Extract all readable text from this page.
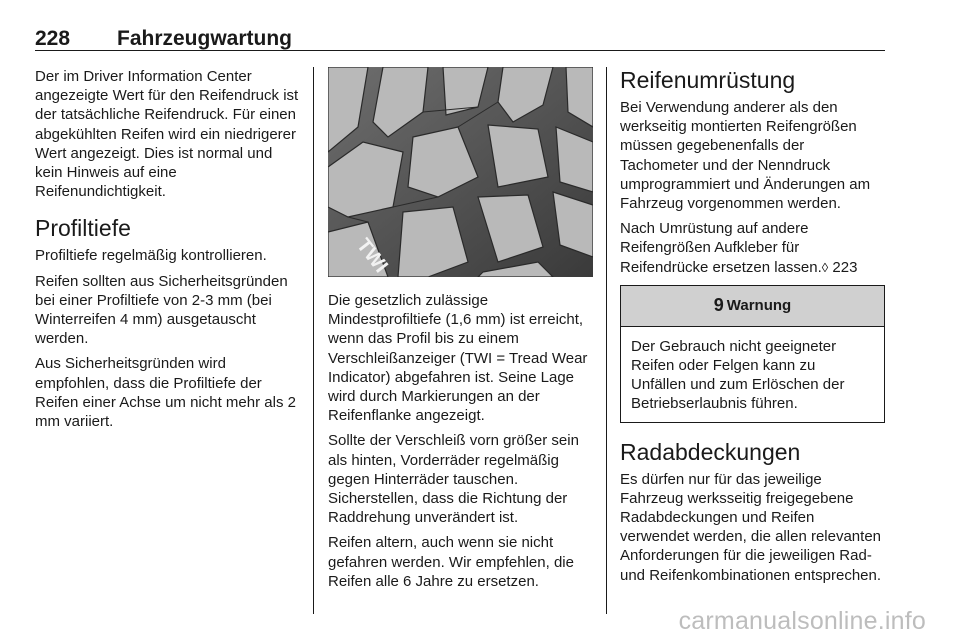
228 Fahrzeugwartung

Der im Driver Information Center angezeigte Wert für den Reifendruck ist der tatsächliche Reifendruck. Für einen abgekühlten Reifen wird ein niedrigerer Wert angezeigt. Dies ist normal und kein Hinweis auf eine Reifenundichtigkeit.

Profiltiefe

Profiltiefe regelmäßig kontrollieren.

Reifen sollten aus Sicherheitsgründen bei einer Profiltiefe von 2-3 mm (bei Winterreifen 4 mm) ausgetauscht werden.

Aus Sicherheitsgründen wird empfohlen, dass die Profiltiefe der Reifen einer Achse um nicht mehr als 2 mm variiert.

TWI

Die gesetzlich zulässige Mindestprofiltiefe (1,6 mm) ist erreicht, wenn das Profil bis zu einem Verschleißanzeiger (TWI = Tread Wear Indicator) abgefahren ist. Seine Lage wird durch Markierungen an der Reifenflanke angezeigt.

Sollte der Verschleiß vorn größer sein als hinten, Vorderräder regelmäßig gegen Hinterräder tauschen. Sicherstellen, dass die Richtung der Raddrehung unverändert ist.

Reifen altern, auch wenn sie nicht gefahren werden. Wir empfehlen, die Reifen alle 6 Jahre zu ersetzen.

Reifenumrüstung

Bei Verwendung anderer als den werkseitig montierten Reifengrößen müssen gegebenenfalls der Tachometer und der Nenndruck umprogrammiert und Änderungen am Fahrzeug vorgenommen werden.

Nach Umrüstung auf andere Reifengrößen Aufkleber für Reifendrücke ersetzen lassen.◊ 223

9 Warnung

Der Gebrauch nicht geeigneter Reifen oder Felgen kann zu Unfällen und zum Erlöschen der Betriebserlaubnis führen.

Radabdeckungen

Es dürfen nur für das jeweilige Fahrzeug werksseitig freigegebene Radabdeckungen und Reifen verwendet werden, die allen relevanten Anforderungen für die jeweiligen Rad- und Reifenkombinationen entsprechen.

carmanualsonline.info
